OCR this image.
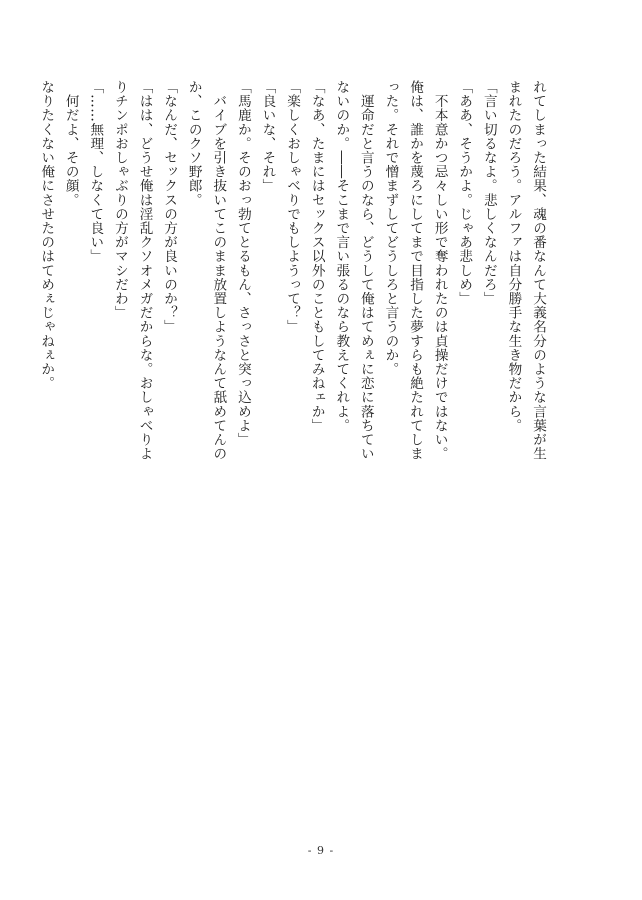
れてしまった結果、魂の番なんて大義名分のような言葉が生
まれたのだろう。アルファは自分勝手な生き物だから。
「言い切るなよ。悲しくなんだろ」
「ああ、そうかよ。じゃあ悲しめ」
　不本意かつ忌々しい形で奪われたのは貞操だけではない。
俺は、誰かを蔑ろにしてまで目指した夢すらも絶たれてしま
った。それで憎まずしてどうしろと言うのか。
　運命だと言うのなら、どうして俺はてめぇに恋に落ちてい
ないのか。――そこまで言い張るのなら教えてくれよ。
「なあ、たまにはセックス以外のこともしてみねェか」
「楽しくおしゃべりでもしようって？」
「良いな、それ」
「馬鹿か。そのおっ勃てとるもん、さっさと突っ込めよ」
　バイブを引き抜いてこのまま放置しようなんて舐めてんの
か、このクソ野郎。
「なんだ、セックスの方が良いのか？」
「はは、どうせ俺は淫乱クソオメガだからな。おしゃべりよ
りチンポおしゃぶりの方がマシだわ」
「……無理、しなくて良い」
　何だよ、その顔。
なりたくない俺にさせたのはてめぇじゃねぇか。
- 9 -
